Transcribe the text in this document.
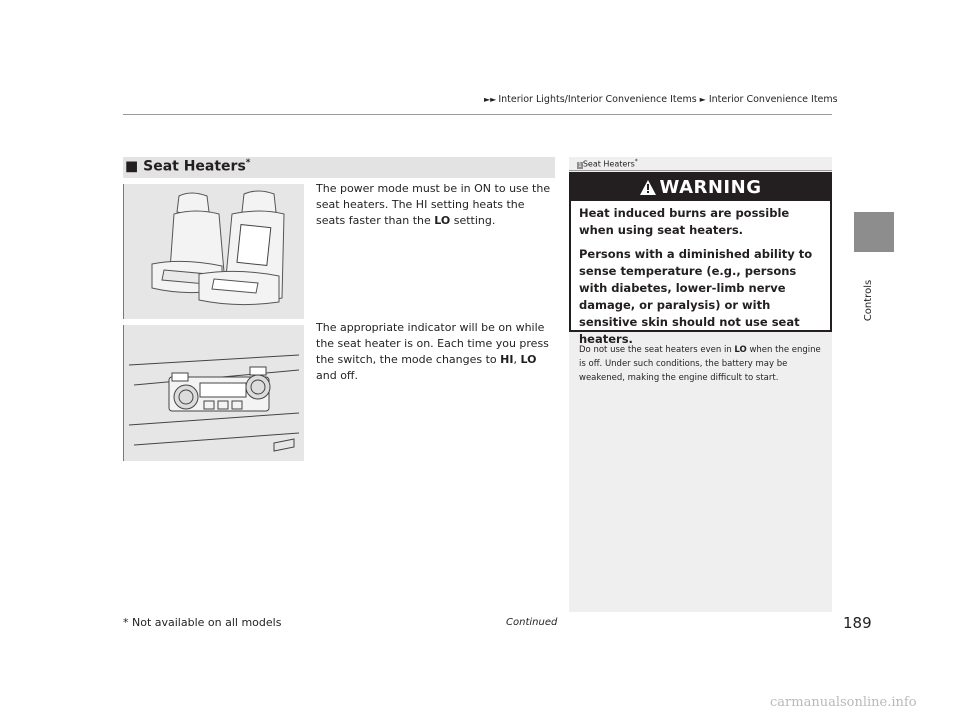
►► Interior Lights/Interior Convenience Items ► Interior Convenience Items
Controls
■ Seat Heaters*
The power mode must be in ON to use the seat heaters. The HI setting heats the seats faster than the LO setting.
The appropriate indicator will be on while the seat heater is on. Each time you press the switch, the mode changes to HI, LO and off.
1Seat Heaters*
WARNING
Heat induced burns are possible when using seat heaters.
Persons with a diminished ability to sense temperature (e.g., persons with diabetes, lower-limb nerve damage, or paralysis) or with sensitive skin should not use seat heaters.
Do not use the seat heaters even in LO when the engine is off. Under such conditions, the battery may be weakened, making the engine difficult to start.
* Not available on all models	Continued	189
carmanualsonline.info
